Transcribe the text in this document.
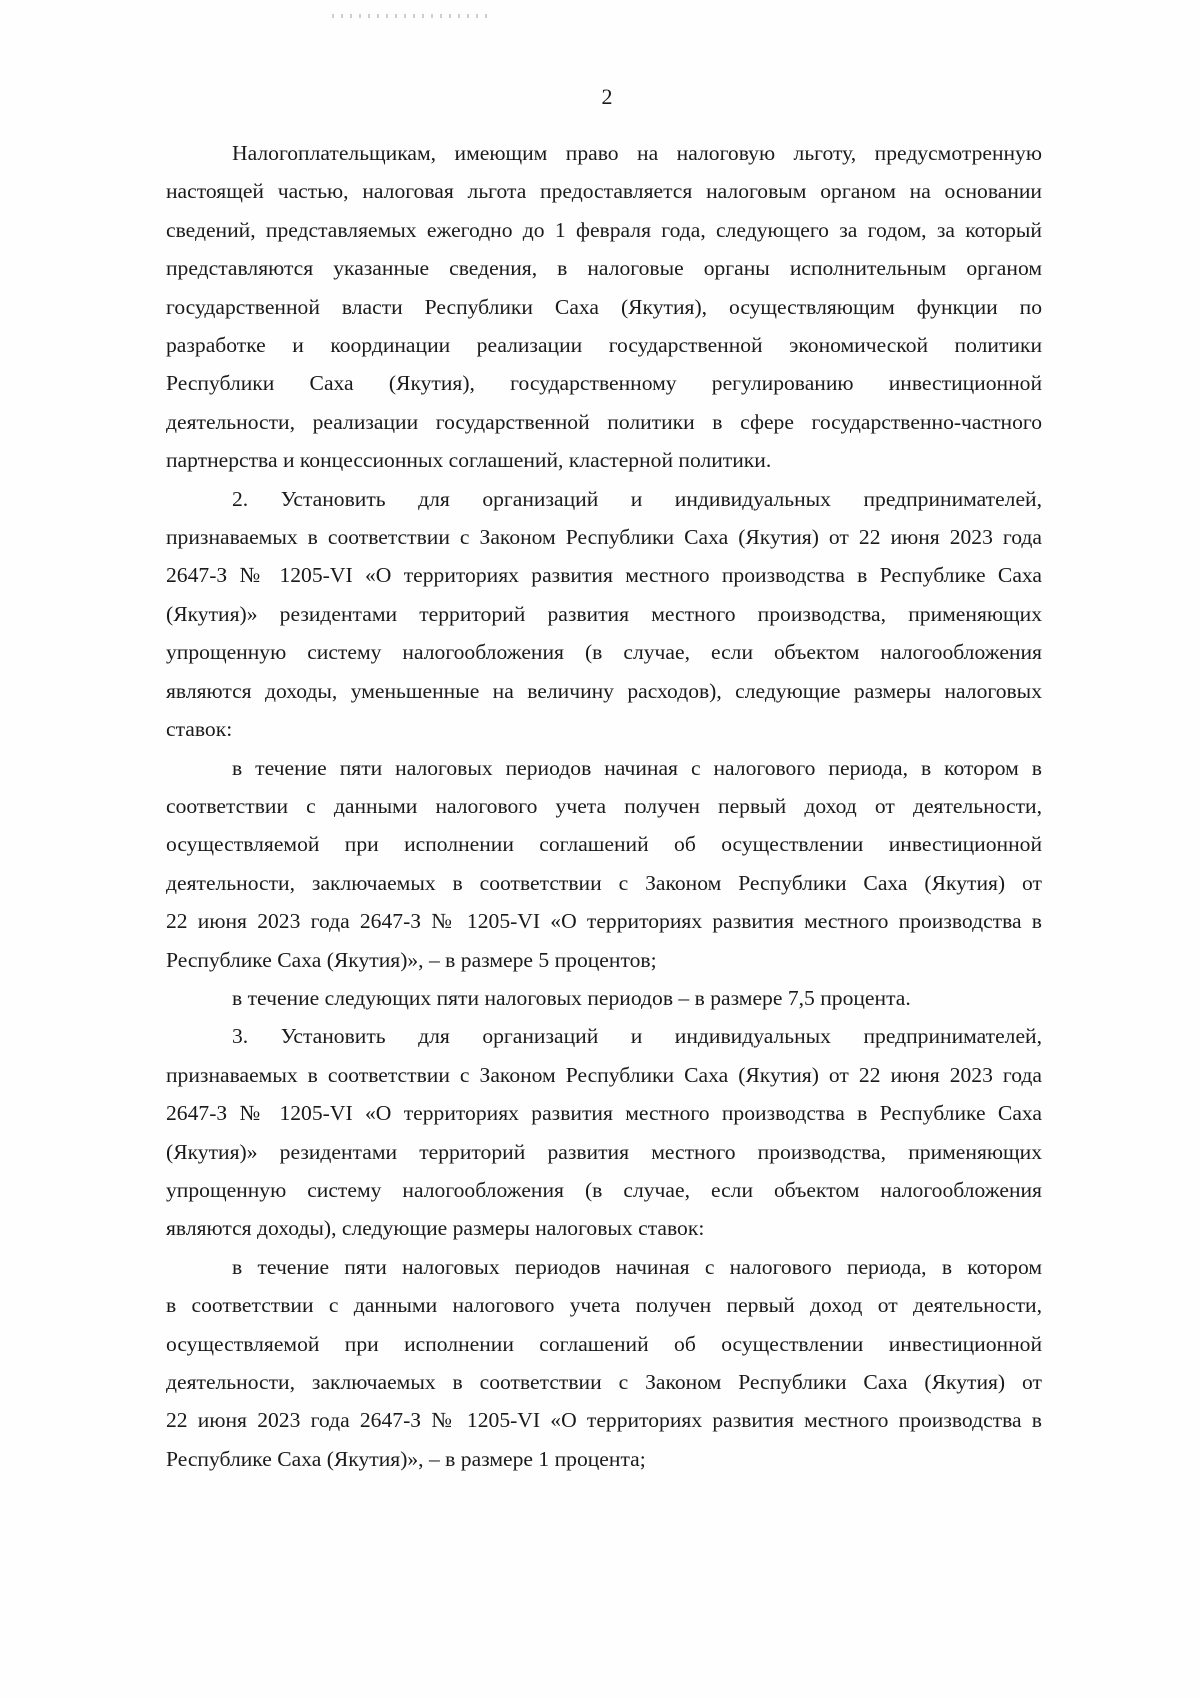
2
Налогоплательщикам, имеющим право на налоговую льготу, предусмотренную
настоящей частью, налоговая льгота предоставляется налоговым органом на основании
сведений, представляемых ежегодно до 1 февраля года, следующего за годом, за который
представляются указанные сведения, в налоговые органы исполнительным органом
государственной власти Республики Саха (Якутия), осуществляющим функции по
разработке и координации реализации государственной экономической политики
Республики Саха (Якутия), государственному регулированию инвестиционной
деятельности, реализации государственной политики в сфере государственно-частного
партнерства и концессионных соглашений, кластерной политики.
2. Установить для организаций и индивидуальных предпринимателей,
признаваемых в соответствии с Законом Республики Саха (Якутия) от 22 июня 2023 года
2647-З № 1205-VI «О территориях развития местного производства в Республике Саха
(Якутия)» резидентами территорий развития местного производства, применяющих
упрощенную систему налогообложения (в случае, если объектом налогообложения
являются доходы, уменьшенные на величину расходов), следующие размеры налоговых
ставок:
в течение пяти налоговых периодов начиная с налогового периода, в котором в
соответствии с данными налогового учета получен первый доход от деятельности,
осуществляемой при исполнении соглашений об осуществлении инвестиционной
деятельности, заключаемых в соответствии с Законом Республики Саха (Якутия) от
22 июня 2023 года 2647-З № 1205-VI «О территориях развития местного производства в
Республике Саха (Якутия)», – в размере 5 процентов;
в течение следующих пяти налоговых периодов – в размере 7,5 процента.
3. Установить для организаций и индивидуальных предпринимателей,
признаваемых в соответствии с Законом Республики Саха (Якутия) от 22 июня 2023 года
2647-З № 1205-VI «О территориях развития местного производства в Республике Саха
(Якутия)» резидентами территорий развития местного производства, применяющих
упрощенную систему налогообложения (в случае, если объектом налогообложения
являются доходы), следующие размеры налоговых ставок:
в течение пяти налоговых периодов начиная с налогового периода, в котором
в соответствии с данными налогового учета получен первый доход от деятельности,
осуществляемой при исполнении соглашений об осуществлении инвестиционной
деятельности, заключаемых в соответствии с Законом Республики Саха (Якутия) от
22 июня 2023 года 2647-З № 1205-VI «О территориях развития местного производства в
Республике Саха (Якутия)», – в размере 1 процента;
